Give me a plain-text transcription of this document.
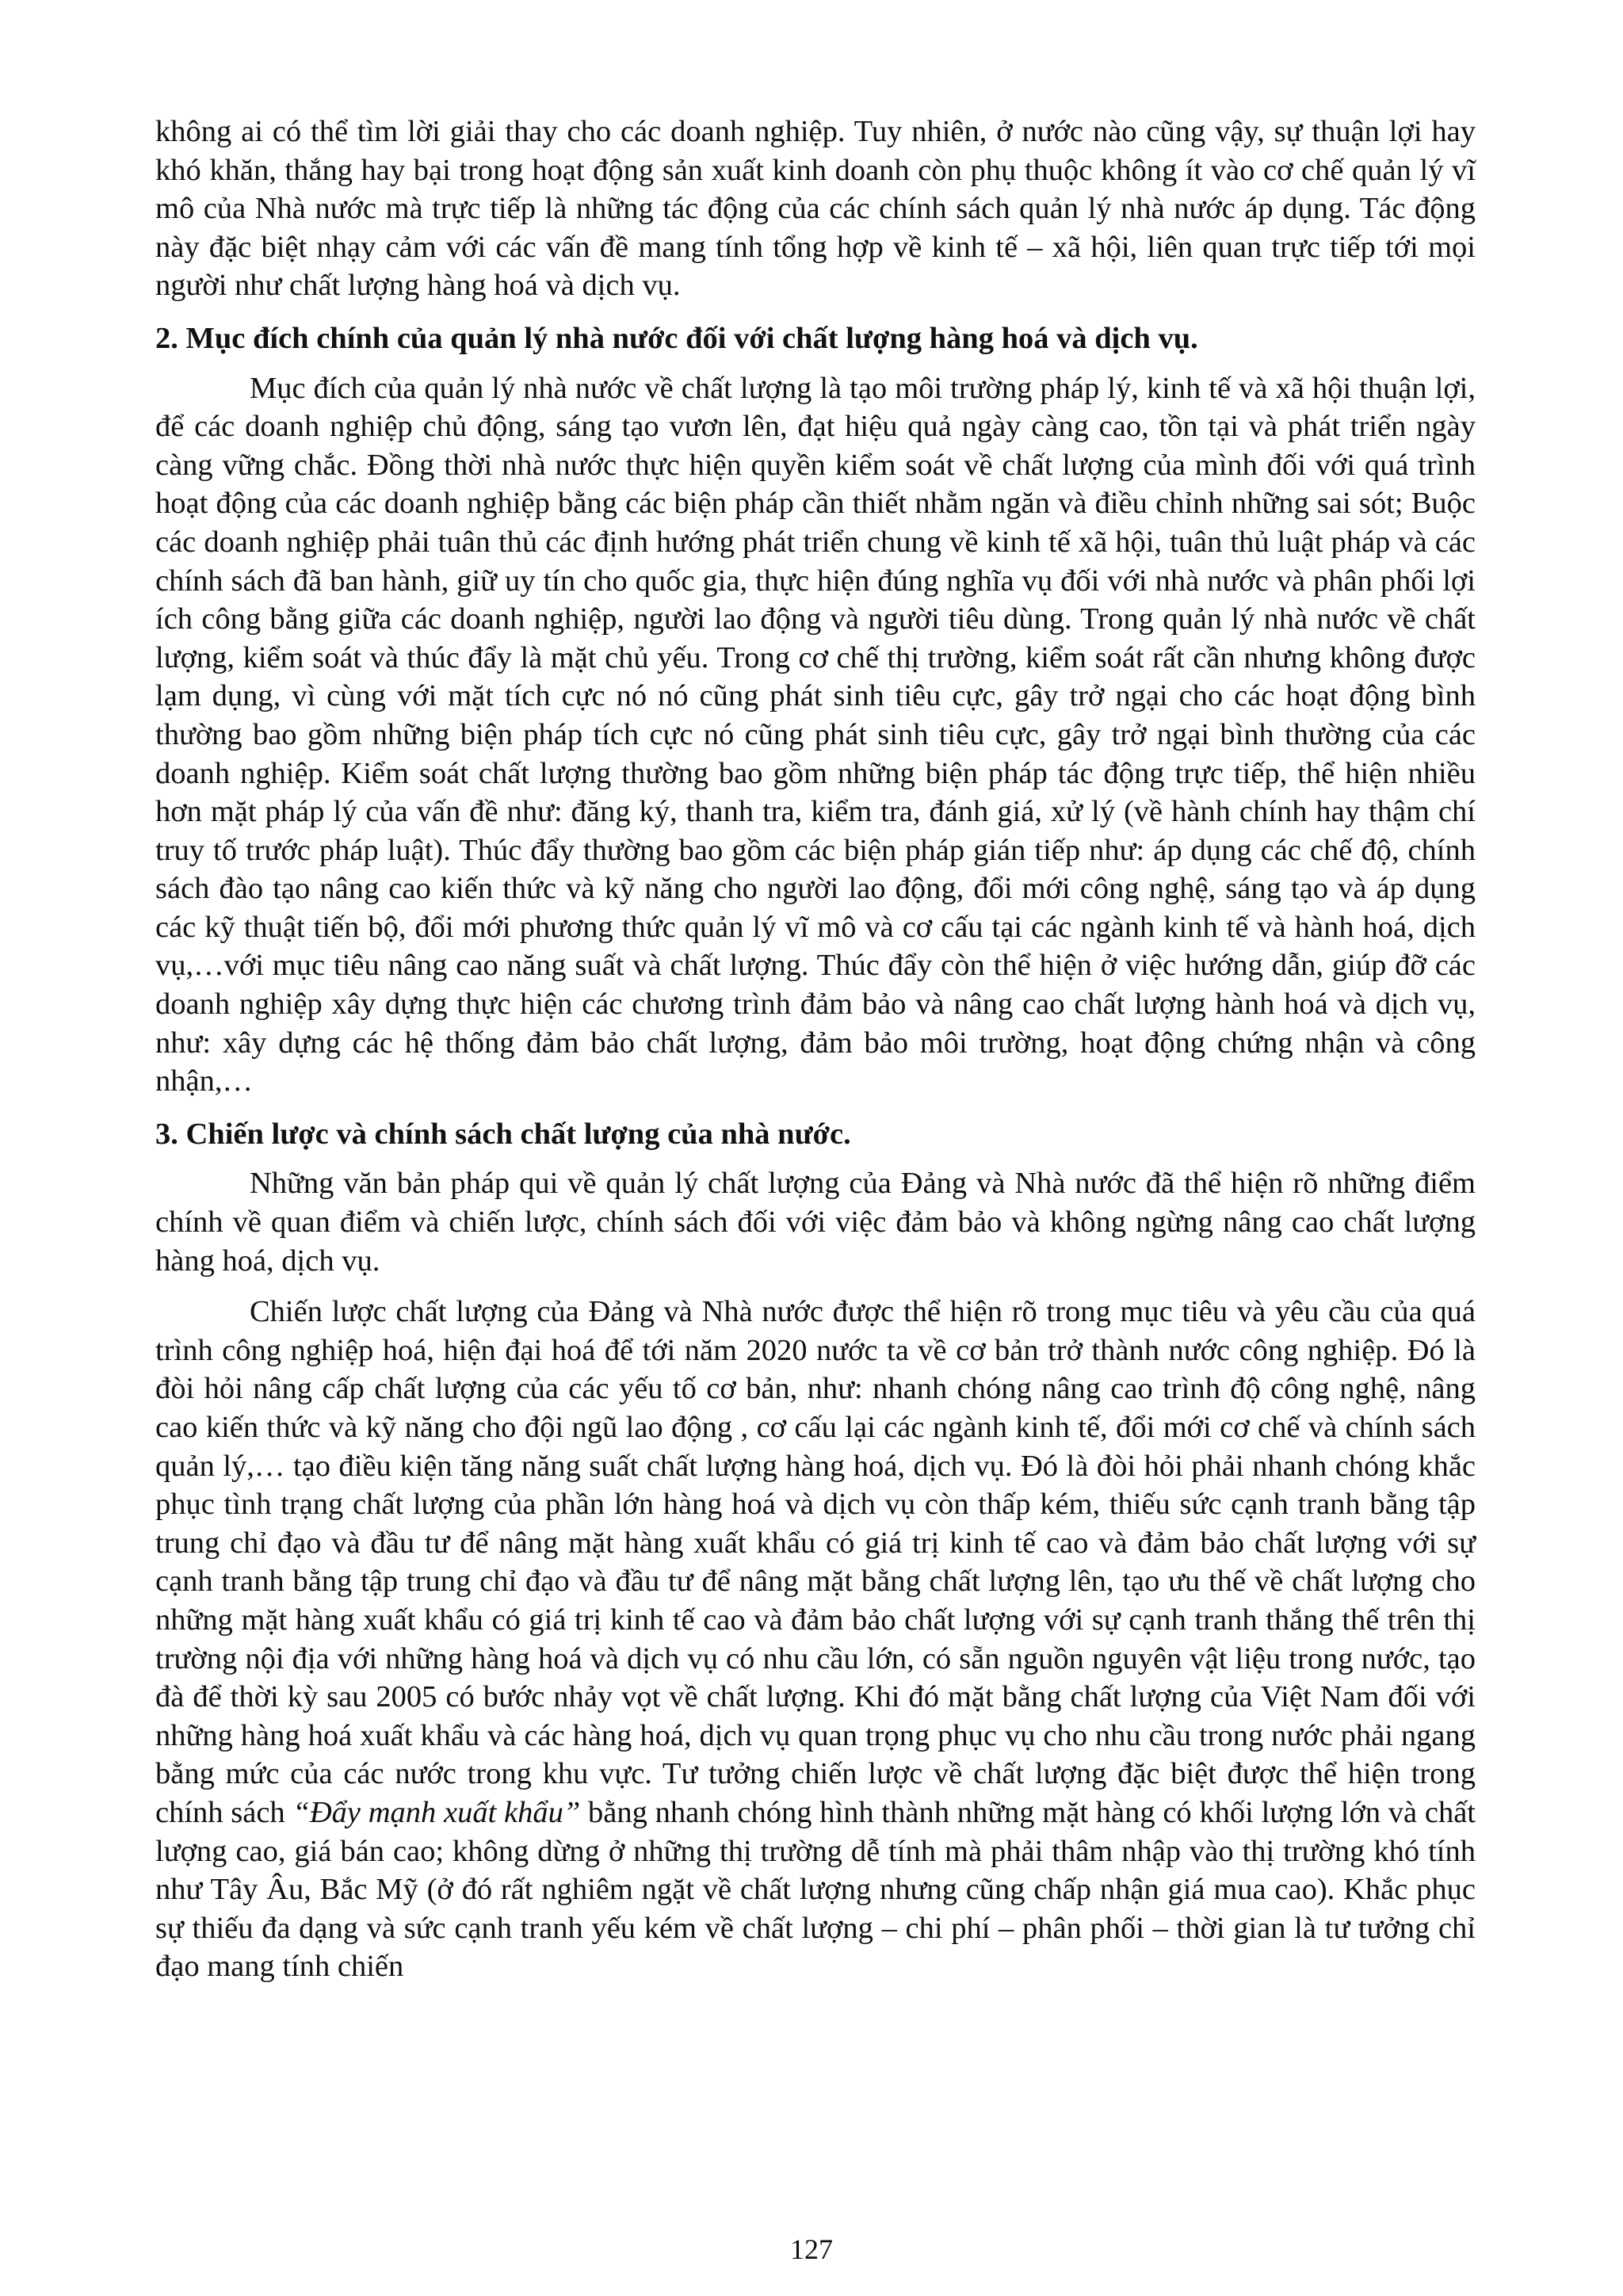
không ai có thể tìm lời giải thay cho các doanh nghiệp. Tuy nhiên, ở nước nào cũng vậy, sự thuận lợi hay khó khăn, thắng hay bại trong hoạt động sản xuất kinh doanh còn phụ thuộc không ít vào cơ chế quản lý vĩ mô của Nhà nước mà trực tiếp là những tác động của các chính sách quản lý nhà nước áp dụng. Tác động này đặc biệt nhạy cảm với các vấn đề mang tính tổng hợp về kinh tế – xã hội, liên quan trực tiếp tới mọi người như chất lượng hàng hoá và dịch vụ.

2. Mục đích chính của quản lý nhà nước đối với chất lượng hàng hoá và dịch vụ.

Mục đích của quản lý nhà nước về chất lượng là tạo môi trường pháp lý, kinh tế và xã hội thuận lợi, để các doanh nghiệp chủ động, sáng tạo vươn lên, đạt hiệu quả ngày càng cao, tồn tại và phát triển ngày càng vững chắc. Đồng thời nhà nước thực hiện quyền kiểm soát về chất lượng của mình đối với quá trình hoạt động của các doanh nghiệp bằng các biện pháp cần thiết nhằm ngăn và điều chỉnh những sai sót; Buộc các doanh nghiệp phải tuân thủ các định hướng phát triển chung về kinh tế xã hội, tuân thủ luật pháp và các chính sách đã ban hành, giữ uy tín cho quốc gia, thực hiện đúng nghĩa vụ đối với nhà nước và phân phối lợi ích công bằng giữa các doanh nghiệp, người lao động và người tiêu dùng. Trong quản lý nhà nước về chất lượng, kiểm soát và thúc đẩy là mặt chủ yếu. Trong cơ chế thị trường, kiểm soát rất cần nhưng không được lạm dụng, vì cùng với mặt tích cực nó nó cũng phát sinh tiêu cực, gây trở ngại cho các hoạt động bình thường bao gồm những biện pháp tích cực nó cũng phát sinh tiêu cực, gây trở ngại bình thường của các doanh nghiệp. Kiểm soát chất lượng thường bao gồm những biện pháp tác động trực tiếp, thể hiện nhiều hơn mặt pháp lý của vấn đề như: đăng ký, thanh tra, kiểm tra, đánh giá, xử lý (về hành chính hay thậm chí truy tố trước pháp luật). Thúc đẩy thường bao gồm các biện pháp gián tiếp như: áp dụng các chế độ, chính sách đào tạo nâng cao kiến thức và kỹ năng cho người lao động, đổi mới công nghệ, sáng tạo và áp dụng các kỹ thuật tiến bộ, đổi mới phương thức quản lý vĩ mô và cơ cấu tại các ngành kinh tế và hành hoá, dịch vụ,…với mục tiêu nâng cao năng suất và chất lượng. Thúc đẩy còn thể hiện ở việc hướng dẫn, giúp đỡ các doanh nghiệp xây dựng thực hiện các chương trình đảm bảo và nâng cao chất lượng hành hoá và dịch vụ, như: xây dựng các hệ thống đảm bảo chất lượng, đảm bảo môi trường, hoạt động chứng nhận và công nhận,…

3. Chiến lược và chính sách chất lượng của nhà nước.

Những văn bản pháp qui về quản lý chất lượng của Đảng và Nhà nước đã thể hiện rõ những điểm chính về quan điểm và chiến lược, chính sách đối với việc đảm bảo và không ngừng nâng cao chất lượng hàng hoá, dịch vụ.

Chiến lược chất lượng của Đảng và Nhà nước được thể hiện rõ trong mục tiêu và yêu cầu của quá trình công nghiệp hoá, hiện đại hoá để tới năm 2020 nước ta về cơ bản trở thành nước công nghiệp. Đó là đòi hỏi nâng cấp chất lượng của các yếu tố cơ bản, như: nhanh chóng nâng cao trình độ công nghệ, nâng cao kiến thức và kỹ năng cho đội ngũ lao động , cơ cấu lại các ngành kinh tế, đổi mới cơ chế và chính sách quản lý,… tạo điều kiện tăng năng suất chất lượng hàng hoá, dịch vụ. Đó là đòi hỏi phải nhanh chóng khắc phục tình trạng chất lượng của phần lớn hàng hoá và dịch vụ còn thấp kém, thiếu sức cạnh tranh bằng tập trung chỉ đạo và đầu tư để nâng mặt hàng xuất khẩu có giá trị kinh tế cao và đảm bảo chất lượng với sự cạnh tranh bằng tập trung chỉ đạo và đầu tư để nâng mặt bằng chất lượng lên, tạo ưu thế về chất lượng cho những mặt hàng xuất khẩu có giá trị kinh tế cao và đảm bảo chất lượng với sự cạnh tranh thắng thế trên thị trường nội địa với những hàng hoá và dịch vụ có nhu cầu lớn, có sẵn nguồn nguyên vật liệu trong nước, tạo đà để thời kỳ sau 2005 có bước nhảy vọt về chất lượng. Khi đó mặt bằng chất lượng của Việt Nam đối với những hàng hoá xuất khẩu và các hàng hoá, dịch vụ quan trọng phục vụ cho nhu cầu trong nước phải ngang bằng mức của các nước trong khu vực. Tư tưởng chiến lược về chất lượng đặc biệt được thể hiện trong chính sách “Đẩy mạnh xuất khẩu” bằng nhanh chóng hình thành những mặt hàng có khối lượng lớn và chất lượng cao, giá bán cao; không dừng ở những thị trường dễ tính mà phải thâm nhập vào thị trường khó tính như Tây Âu, Bắc Mỹ (ở đó rất nghiêm ngặt về chất lượng nhưng cũng chấp nhận giá mua cao). Khắc phục sự thiếu đa dạng và sức cạnh tranh yếu kém về chất lượng – chi phí – phân phối – thời gian là tư tưởng chỉ đạo mang tính chiến

127
